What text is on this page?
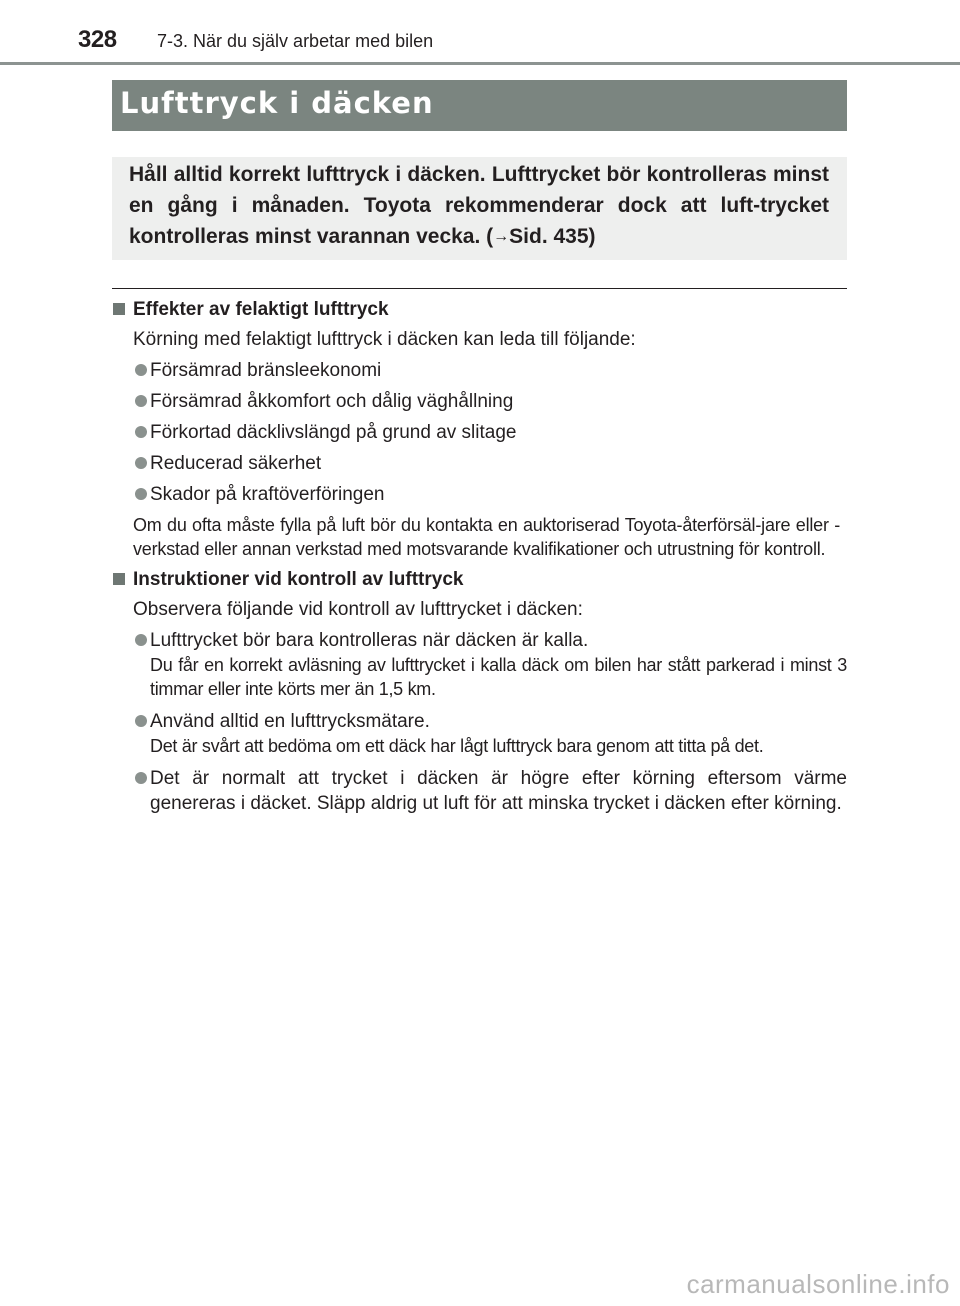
328 7-3. När du själv arbetar med bilen
Lufttryck i däcken
Håll alltid korrekt lufttryck i däcken. Lufttrycket bör kontrolleras minst en gång i månaden. Toyota rekommenderar dock att luft-trycket kontrolleras minst varannan vecka. (→Sid. 435)
Effekter av felaktigt lufttryck
Körning med felaktigt lufttryck i däcken kan leda till följande:
Försämrad bränsleekonomi
Försämrad åkkomfort och dålig väghållning
Förkortad däcklivslängd på grund av slitage
Reducerad säkerhet
Skador på kraftöverföringen
Om du ofta måste fylla på luft bör du kontakta en auktoriserad Toyota-återförsäl-jare eller -verkstad eller annan verkstad med motsvarande kvalifikationer och utrustning för kontroll.
Instruktioner vid kontroll av lufttryck
Observera följande vid kontroll av lufttrycket i däcken:
Lufttrycket bör bara kontrolleras när däcken är kalla.
Du får en korrekt avläsning av lufttrycket i kalla däck om bilen har stått parkerad i minst 3 timmar eller inte körts mer än 1,5 km.
Använd alltid en lufttrycksmätare.
Det är svårt att bedöma om ett däck har lågt lufttryck bara genom att titta på det.
Det är normalt att trycket i däcken är högre efter körning eftersom värme genereras i däcket. Släpp aldrig ut luft för att minska trycket i däcken efter körning.
carmanualsonline.info
